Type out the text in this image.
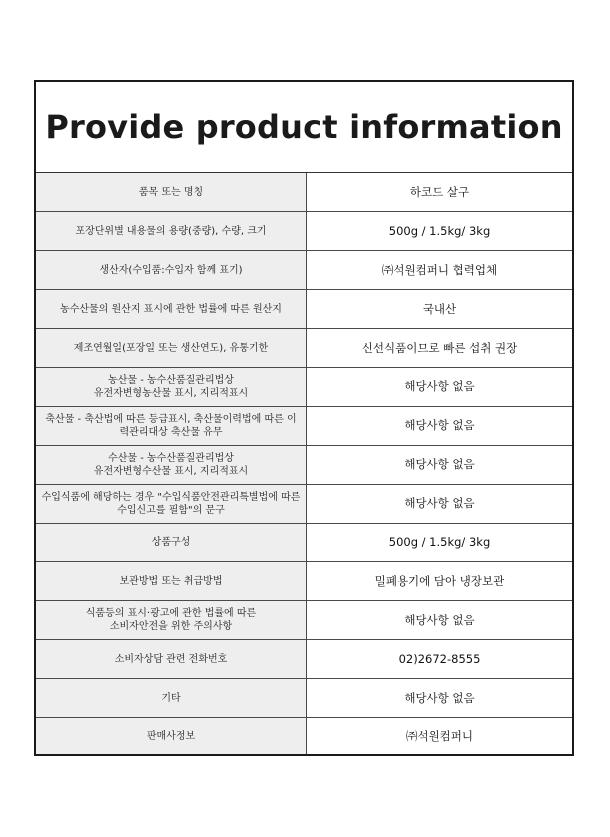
Provide product information
품목 또는 명칭	하코드 살구
포장단위별 내용물의 용량(중량), 수량, 크기	500g / 1.5kg/ 3kg
생산자(수입품:수입자 함께 표기)	㈜석원컴퍼니 협력업체
농수산물의 원산지 표시에 관한 법률에 따른 원산지	국내산
제조연월일(포장일 또는 생산연도), 유통기한	신선식품이므로 빠른 섭취 권장
농산물 - 농수산품질관리법상
유전자변형농산물 표시, 지리적표시	해당사항 없음
축산물 - 축산법에 따른 등급표시, 축산물이력법에 따른 이
력관리대상 축산물 유무	해당사항 없음
수산물 - 농수산품질관리법상
유전자변형수산물 표시, 지리적표시	해당사항 없음
수입식품에 해당하는 경우 "수입식품안전관리특별법에 따른
수입신고를 필함"의 문구	해당사항 없음
상품구성	500g / 1.5kg/ 3kg
보관방법 또는 취급방법	밀폐용기에 담아 냉장보관
식품등의 표시·광고에 관한 법률에 따른
소비자안전을 위한 주의사항	해당사항 없음
소비자상담 관련 전화번호	02)2672-8555
기타	해당사항 없음
판매사정보	㈜석원컴퍼니
